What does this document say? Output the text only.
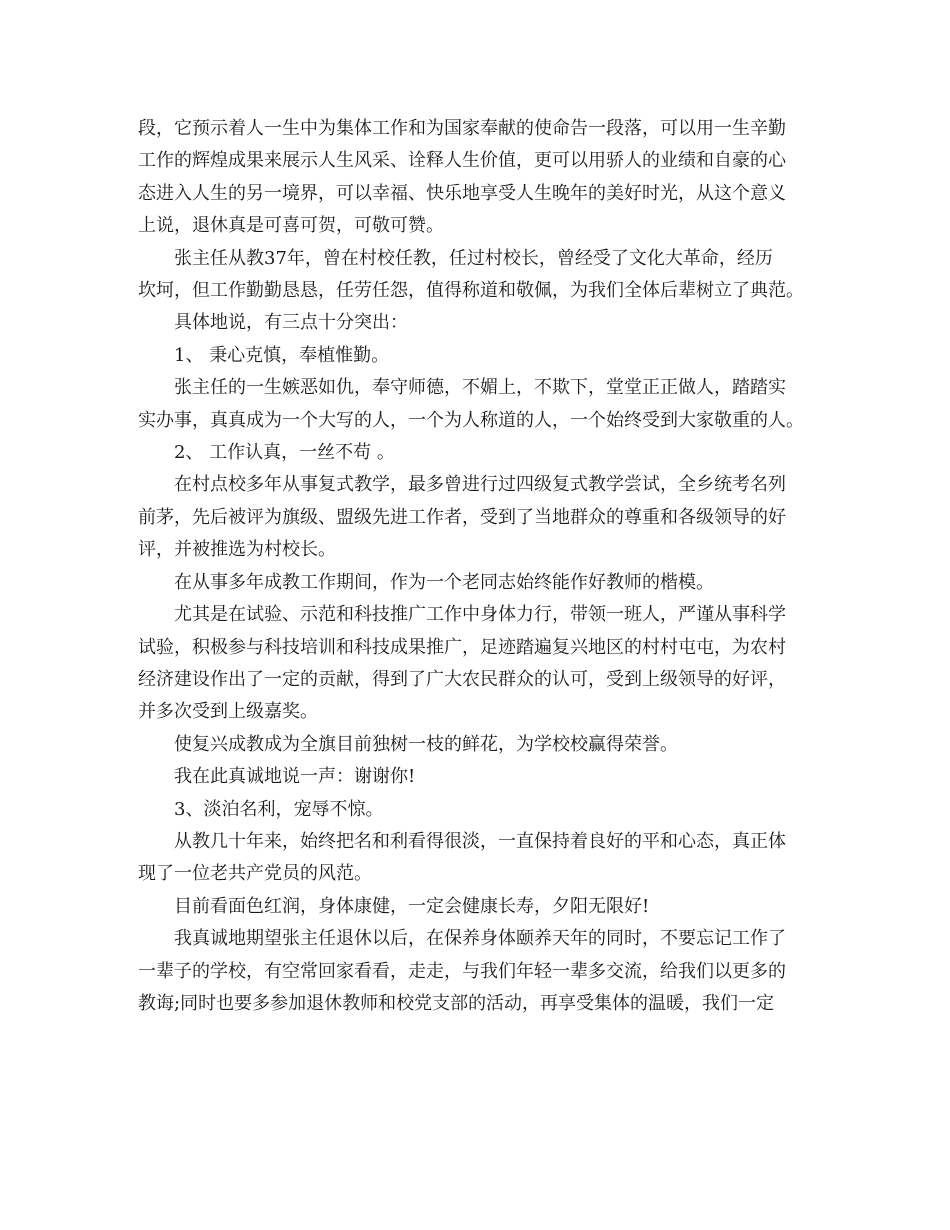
段，它预示着人一生中为集体工作和为国家奉献的使命告一段落，可以用一生辛勤

工作的辉煌成果来展示人生风采、诠释人生价值，更可以用骄人的业绩和自豪的心

态进入人生的另一境界，可以幸福、快乐地享受人生晚年的美好时光，从这个意义

上说，退休真是可喜可贺，可敬可赞。

张主任从教37年，曾在村校任教，任过村校长，曾经受了文化大革命，经历

坎坷，但工作勤勤恳恳，任劳任怨，值得称道和敬佩，为我们全体后辈树立了典范。

具体地说，有三点十分突出：

1、 秉心克慎，奉植惟勤。

张主任的一生嫉恶如仇，奉守师德，不媚上，不欺下，堂堂正正做人，踏踏实

实办事，真真成为一个大写的人，一个为人称道的人，一个始终受到大家敬重的人。

2、 工作认真，一丝不苟 。

在村点校多年从事复式教学，最多曾进行过四级复式教学尝试，全乡统考名列

前茅，先后被评为旗级、盟级先进工作者，受到了当地群众的尊重和各级领导的好

评，并被推选为村校长。

在从事多年成教工作期间，作为一个老同志始终能作好教师的楷模。

尤其是在试验、示范和科技推广工作中身体力行，带领一班人，严谨从事科学

试验，积极参与科技培训和科技成果推广，足迹踏遍复兴地区的村村屯屯，为农村

经济建设作出了一定的贡献，得到了广大农民群众的认可，受到上级领导的好评，

并多次受到上级嘉奖。

使复兴成教成为全旗目前独树一枝的鲜花，为学校校赢得荣誉。

我在此真诚地说一声：谢谢你!

3、淡泊名利，宠辱不惊。

从教几十年来，始终把名和利看得很淡，一直保持着良好的平和心态，真正体

现了一位老共产党员的风范。

目前看面色红润，身体康健，一定会健康长寿，夕阳无限好!

我真诚地期望张主任退休以后，在保养身体颐养天年的同时，不要忘记工作了

一辈子的学校，有空常回家看看，走走，与我们年轻一辈多交流，给我们以更多的

教诲;同时也要多参加退休教师和校党支部的活动，再享受集体的温暖，我们一定
